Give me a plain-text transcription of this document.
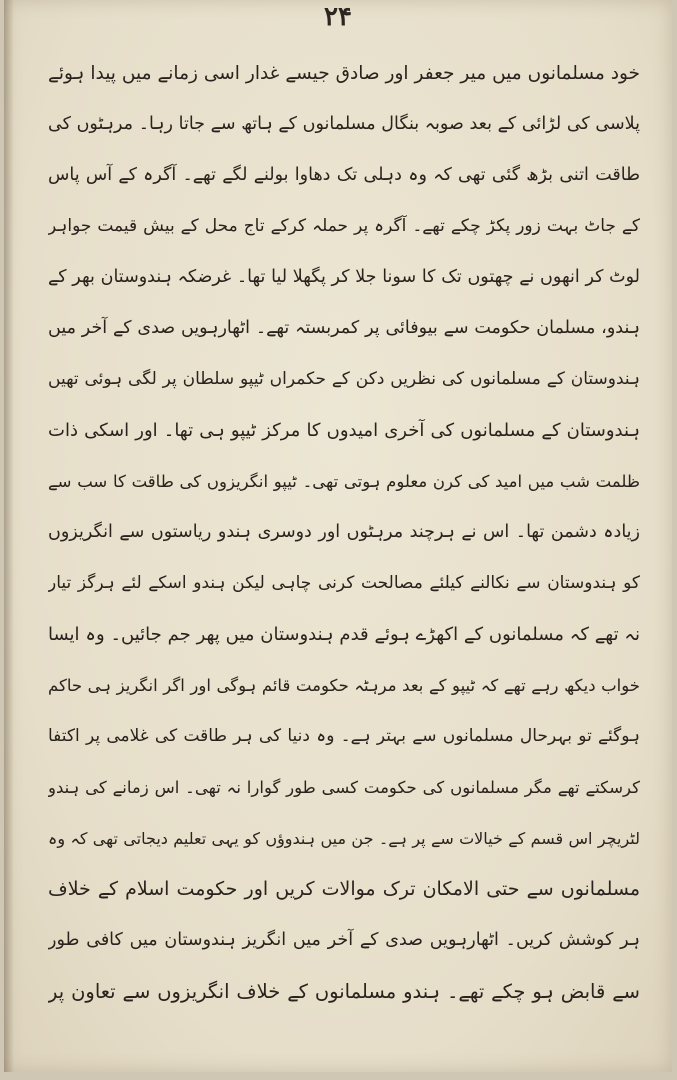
۲۴
خود مسلمانوں میں میر جعفر اور صادق جیسے غدار اسی زمانے میں پیدا ہوئے
پلاسی کی لڑائی کے بعد صوبہ بنگال مسلمانوں کے ہاتھ سے جاتا رہا۔ مرہٹوں کی
طاقت اتنی بڑھ گئی تھی کہ وہ دہلی تک دھاوا بولنے لگے تھے۔ آگرہ کے آس پاس
کے جاٹ بہت زور پکڑ چکے تھے۔ آگرہ پر حملہ کرکے تاج محل کے بیش قیمت جواہر
لوٹ کر انھوں نے چھتوں تک کا سونا جلا کر پگھلا لیا تھا۔ غرضکہ ہندوستان بھر کے
ہندو، مسلمان حکومت سے بیوفائی پر کمربستہ تھے۔ اٹھارہویں صدی کے آخر میں
ہندوستان کے مسلمانوں کی نظریں دکن کے حکمراں ٹیپو سلطان پر لگی ہوئی تھیں
ہندوستان کے مسلمانوں کی آخری امیدوں کا مرکز ٹیپو ہی تھا۔ اور اسکی ذات
ظلمت شب میں امید کی کرن معلوم ہوتی تھی۔ ٹیپو انگریزوں کی طاقت کا سب سے
زیادہ دشمن تھا۔ اس نے ہرچند مرہٹوں اور دوسری ہندو ریاستوں سے انگریزوں
کو ہندوستان سے نکالنے کیلئے مصالحت کرنی چاہی لیکن ہندو اسکے لئے ہرگز تیار
نہ تھے کہ مسلمانوں کے اکھڑے ہوئے قدم ہندوستان میں پھر جم جائیں۔ وہ ایسا
خواب دیکھ رہے تھے کہ ٹیپو کے بعد مرہٹہ حکومت قائم ہوگی اور اگر انگریز ہی حاکم
ہوگئے تو بہرحال مسلمانوں سے بہتر ہے۔ وہ دنیا کی ہر طاقت کی غلامی پر اکتفا
کرسکتے تھے مگر مسلمانوں کی حکومت کسی طور گوارا نہ تھی۔ اس زمانے کی ہندو
لٹریچر اس قسم کے خیالات سے پر ہے۔ جن میں ہندوؤں کو یہی تعلیم دیجاتی تھی کہ وہ
مسلمانوں سے حتی الامکان ترک موالات کریں اور حکومت اسلام کے خلاف
ہر کوشش کریں۔ اٹھارہویں صدی کے آخر میں انگریز ہندوستان میں کافی طور
سے قابض ہو چکے تھے۔ ہندو مسلمانوں کے خلاف انگریزوں سے تعاون پر
